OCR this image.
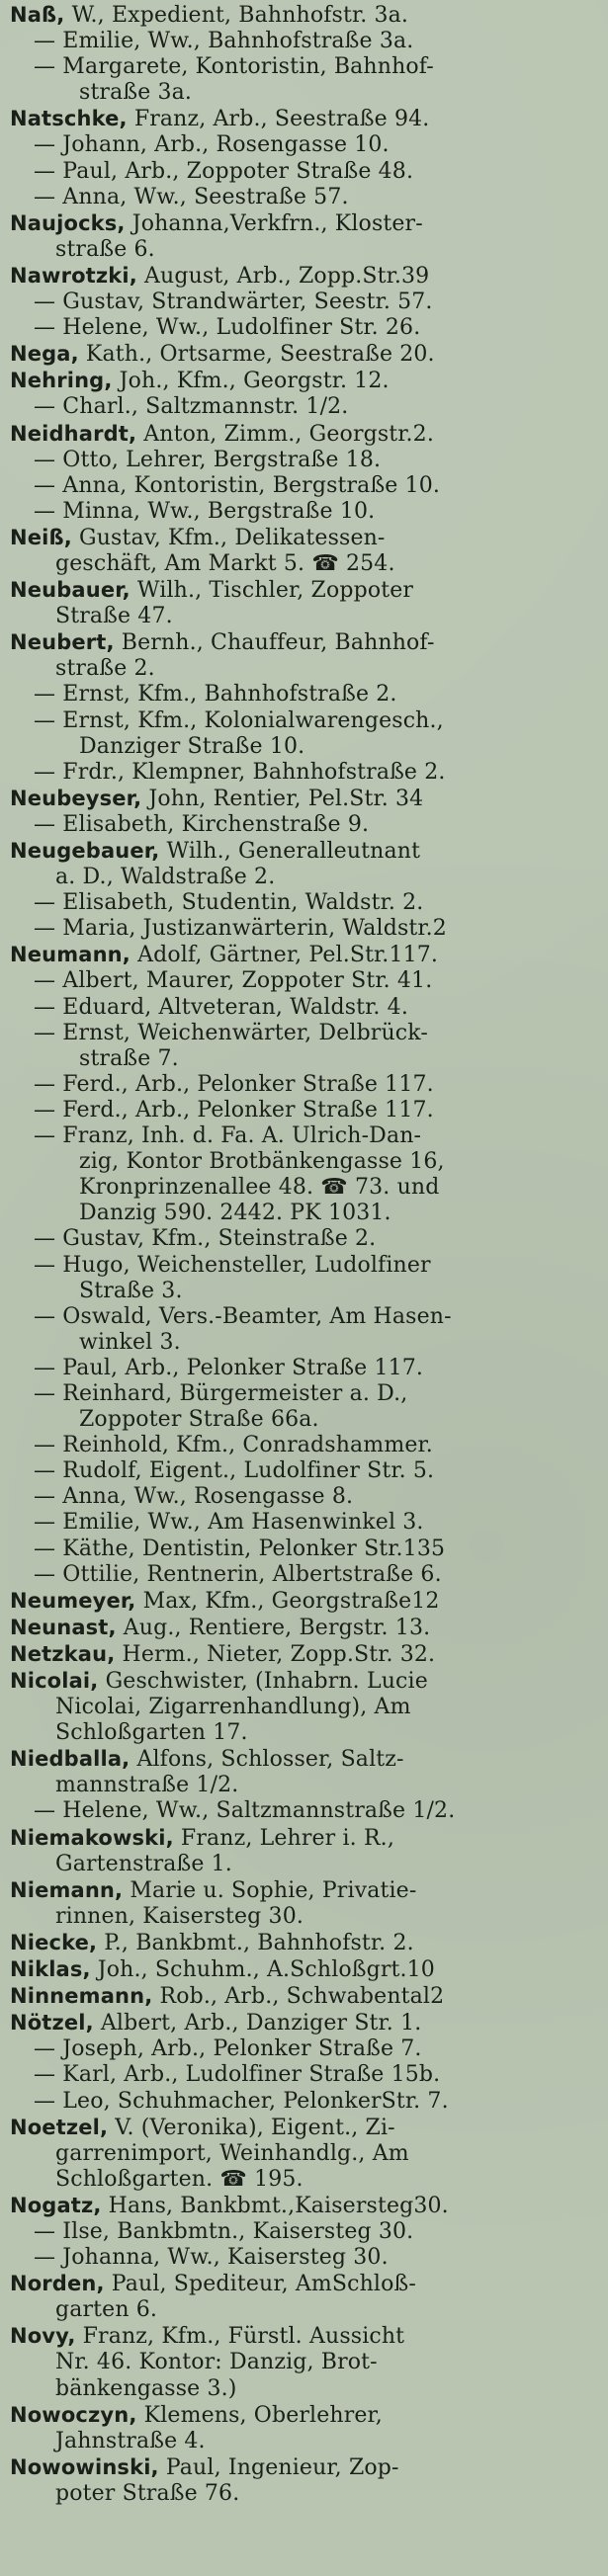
Naß, W., Expedient, Bahnhofstr. 3a.
— Emilie, Ww., Bahnhofstraße 3a.
— Margarete, Kontoristin, Bahnhof-
straße 3a.
Natschke, Franz, Arb., Seestraße 94.
— Johann, Arb., Rosengasse 10.
— Paul, Arb., Zoppoter Straße 48.
— Anna, Ww., Seestraße 57.
Naujocks, Johanna,Verkfrn., Kloster-
straße 6.
Nawrotzki, August, Arb., Zopp.Str.39
— Gustav, Strandwärter, Seestr. 57.
— Helene, Ww., Ludolfiner Str. 26.
Nega, Kath., Ortsarme, Seestraße 20.
Nehring, Joh., Kfm., Georgstr. 12.
— Charl., Saltzmannstr. 1/2.
Neidhardt, Anton, Zimm., Georgstr.2.
— Otto, Lehrer, Bergstraße 18.
— Anna, Kontoristin, Bergstraße 10.
— Minna, Ww., Bergstraße 10.
Neiß, Gustav, Kfm., Delikatessen-
geschäft, Am Markt 5. ☎ 254.
Neubauer, Wilh., Tischler, Zoppoter
Straße 47.
Neubert, Bernh., Chauffeur, Bahnhof-
straße 2.
— Ernst, Kfm., Bahnhofstraße 2.
— Ernst, Kfm., Kolonialwarengesch.,
Danziger Straße 10.
— Frdr., Klempner, Bahnhofstraße 2.
Neubeyser, John, Rentier, Pel.Str. 34
— Elisabeth, Kirchenstraße 9.
Neugebauer, Wilh., Generalleutnant
a. D., Waldstraße 2.
— Elisabeth, Studentin, Waldstr. 2.
— Maria, Justizanwärterin, Waldstr.2
Neumann, Adolf, Gärtner, Pel.Str.117.
— Albert, Maurer, Zoppoter Str. 41.
— Eduard, Altveteran, Waldstr. 4.
— Ernst, Weichenwärter, Delbrück-
straße 7.
— Ferd., Arb., Pelonker Straße 117.
— Ferd., Arb., Pelonker Straße 117.
— Franz, Inh. d. Fa. A. Ulrich-Dan-
zig, Kontor Brotbänkengasse 16,
Kronprinzenallee 48. ☎ 73. und
Danzig 590. 2442. PK 1031.
— Gustav, Kfm., Steinstraße 2.
— Hugo, Weichensteller, Ludolfiner
Straße 3.
— Oswald, Vers.-Beamter, Am Hasen-
winkel 3.
— Paul, Arb., Pelonker Straße 117.
— Reinhard, Bürgermeister a. D.,
Zoppoter Straße 66a.
— Reinhold, Kfm., Conradshammer.
— Rudolf, Eigent., Ludolfiner Str. 5.
— Anna, Ww., Rosengasse 8.
— Emilie, Ww., Am Hasenwinkel 3.
— Käthe, Dentistin, Pelonker Str.135
— Ottilie, Rentnerin, Albertstraße 6.
Neumeyer, Max, Kfm., Georgstraße12
Neunast, Aug., Rentiere, Bergstr. 13.
Netzkau, Herm., Nieter, Zopp.Str. 32.
Nicolai, Geschwister, (Inhabrn. Lucie
Nicolai, Zigarrenhandlung), Am
Schloßgarten 17.
Niedballa, Alfons, Schlosser, Saltz-
mannstraße 1/2.
— Helene, Ww., Saltzmannstraße 1/2.
Niemakowski, Franz, Lehrer i. R.,
Gartenstraße 1.
Niemann, Marie u. Sophie, Privatie-
rinnen, Kaisersteg 30.
Niecke, P., Bankbmt., Bahnhofstr. 2.
Niklas, Joh., Schuhm., A.Schloßgrt.10
Ninnemann, Rob., Arb., Schwabental2
Nötzel, Albert, Arb., Danziger Str. 1.
— Joseph, Arb., Pelonker Straße 7.
— Karl, Arb., Ludolfiner Straße 15b.
— Leo, Schuhmacher, PelonkerStr. 7.
Noetzel, V. (Veronika), Eigent., Zi-
garrenimport, Weinhandlg., Am
Schloßgarten. ☎ 195.
Nogatz, Hans, Bankbmt.,Kaisersteg30.
— Ilse, Bankbmtn., Kaisersteg 30.
— Johanna, Ww., Kaisersteg 30.
Norden, Paul, Spediteur, AmSchloß-
garten 6.
Novy, Franz, Kfm., Fürstl. Aussicht
Nr. 46. Kontor: Danzig, Brot-
bänkengasse 3.)
Nowoczyn, Klemens, Oberlehrer,
Jahnstraße 4.
Nowowinski, Paul, Ingenieur, Zop-
poter Straße 76.
